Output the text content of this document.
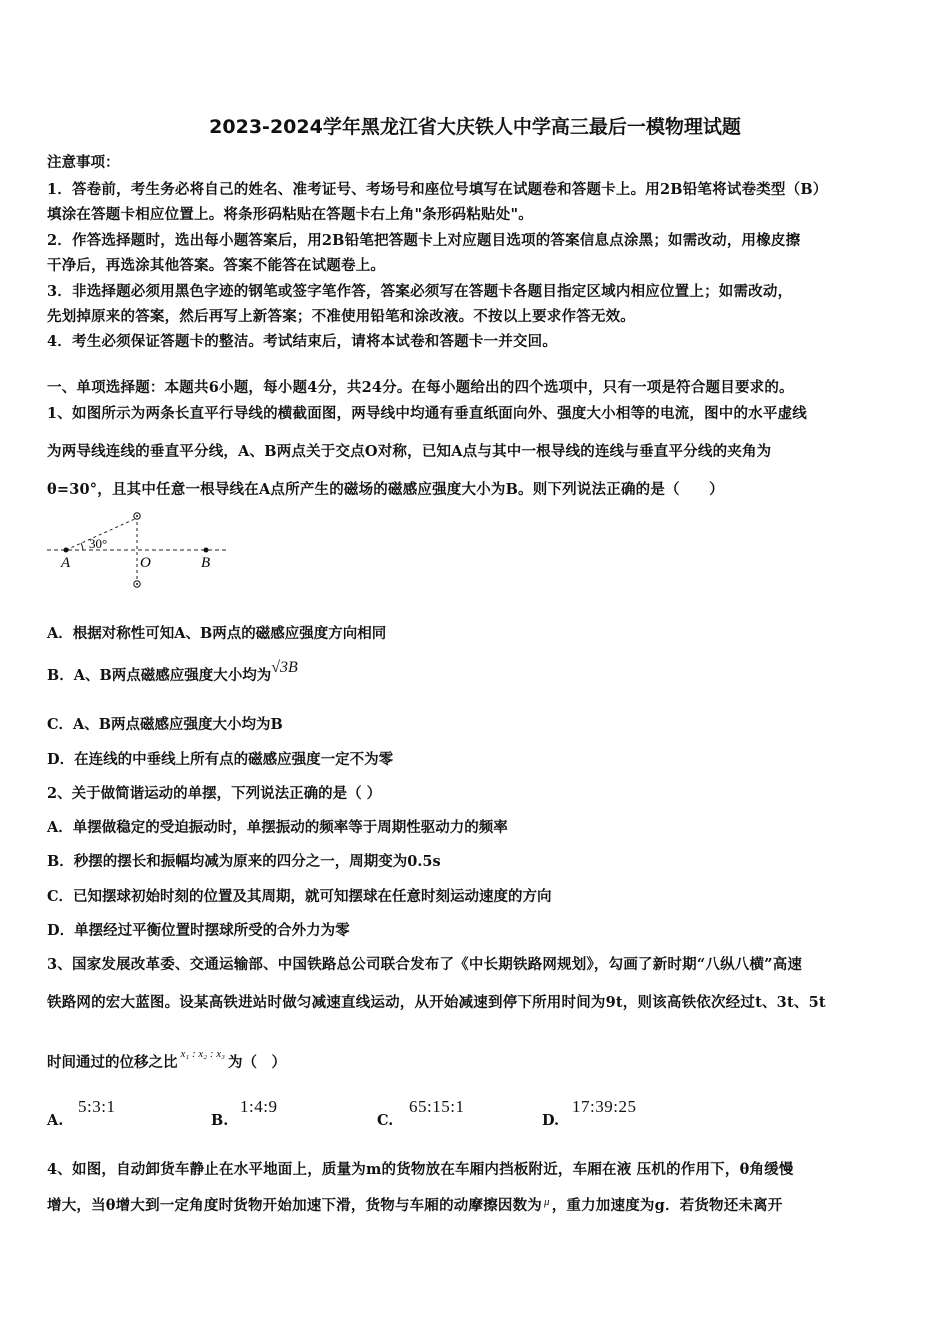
2023-2024学年黑龙江省大庆铁人中学高三最后一模物理试题
注意事项：
1．答卷前，考生务必将自己的姓名、准考证号、考场号和座位号填写在试题卷和答题卡上。用2B铅笔将试卷类型（B）
填涂在答题卡相应位置上。将条形码粘贴在答题卡右上角"条形码粘贴处"。
2．作答选择题时，选出每小题答案后，用2B铅笔把答题卡上对应题目选项的答案信息点涂黑；如需改动，用橡皮擦
干净后，再选涂其他答案。答案不能答在试题卷上。
3．非选择题必须用黑色字迹的钢笔或签字笔作答，答案必须写在答题卡各题目指定区域内相应位置上；如需改动，
先划掉原来的答案，然后再写上新答案；不准使用铅笔和涂改液。不按以上要求作答无效。
4．考生必须保证答题卡的整洁。考试结束后，请将本试卷和答题卡一并交回。
一、单项选择题：本题共6小题，每小题4分，共24分。在每小题给出的四个选项中，只有一项是符合题目要求的。
1、如图所示为两条长直平行导线的横截面图，两导线中均通有垂直纸面向外、强度大小相等的电流，图中的水平虚线
为两导线连线的垂直平分线，A、B两点关于交点O对称，已知A点与其中一根导线的连线与垂直平分线的夹角为
θ=30°，且其中任意一根导线在A点所产生的磁场的磁感应强度大小为B。则下列说法正确的是（　　）
30°
A	O	B
A．根据对称性可知A、B两点的磁感应强度方向相同
B．A、B两点磁感应强度大小均为√3B
C．A、B两点磁感应强度大小均为B
D．在连线的中垂线上所有点的磁感应强度一定不为零
2、关于做简谐运动的单摆，下列说法正确的是（ ）
A．单摆做稳定的受迫振动时，单摆振动的频率等于周期性驱动力的频率
B．秒摆的摆长和振幅均减为原来的四分之一，周期变为0.5s
C．已知摆球初始时刻的位置及其周期，就可知摆球在任意时刻运动速度的方向
D．单摆经过平衡位置时摆球所受的合外力为零
3、国家发展改革委、交通运输部、中国铁路总公司联合发布了《中长期铁路网规划》，勾画了新时期“八纵八横”高速
铁路网的宏大蓝图。设某高铁进站时做匀减速直线运动，从开始减速到停下所用时间为9t，则该高铁依次经过t、3t、5t
时间通过的位移之比 $^{x_1 : x_2 : x_3}$ 为（　）
A.
5:3:1
B.
1:4:9
C.
65:15:1
D.
17:39:25
4、如图，自动卸货车静止在水平地面上，质量为m的货物放在车厢内挡板附近，车厢在液 压机的作用下，θ角缓慢
增大，当θ增大到一定角度时货物开始加速下滑，货物与车厢的动摩擦因数为 $^\mu$ ，重力加速度为g．若货物还未离开
